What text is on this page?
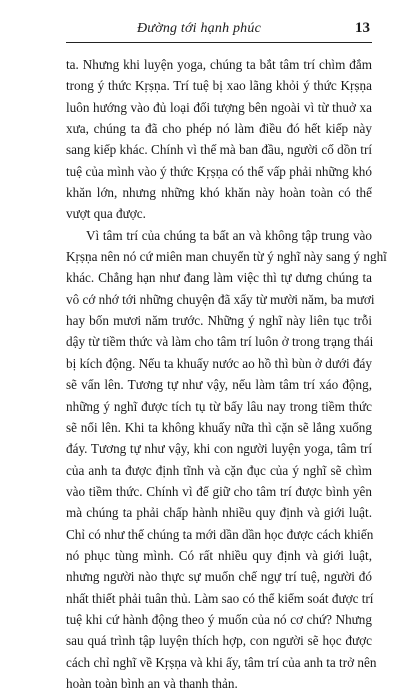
Đường tới hạnh phúc	13

ta. Nhưng khi luyện yoga, chúng ta bắt tâm trí chìm đắm
trong ý thức Kṛṣṇa. Trí tuệ bị xao lãng khỏi ý thức Kṛṣṇa
luôn hướng vào đủ loại đối tượng bên ngoài vì từ thuở xa
xưa, chúng ta đã cho phép nó làm điều đó hết kiếp này
sang kiếp khác. Chính vì thế mà ban đầu, người cố dồn trí
tuệ của mình vào ý thức Kṛṣṇa có thể vấp phải những khó
khăn lớn, nhưng những khó khăn này hoàn toàn có thể
vượt qua được.

Vì tâm trí của chúng ta bất an và không tập trung vào
Kṛṣṇa nên nó cứ miên man chuyển từ ý nghĩ này sang ý nghĩ
khác. Chẳng hạn như đang làm việc thì tự dưng chúng ta
vô cớ nhớ tới những chuyện đã xẩy từ mười năm, ba mươi
hay bốn mươi năm trước. Những ý nghĩ này liên tục trỗi
dậy từ tiềm thức và làm cho tâm trí luôn ở trong trạng thái
bị kích động. Nếu ta khuấy nước ao hồ thì bùn ở dưới đáy
sẽ vẩn lên. Tương tự như vậy, nếu làm tâm trí xáo động,
những ý nghĩ được tích tụ từ bấy lâu nay trong tiềm thức
sẽ nổi lên. Khi ta không khuấy nữa thì cặn sẽ lắng xuống
đáy. Tương tự như vậy, khi con người luyện yoga, tâm trí
của anh ta được định tĩnh và cặn đục của ý nghĩ sẽ chìm
vào tiềm thức. Chính vì để giữ cho tâm trí được bình yên
mà chúng ta phải chấp hành nhiều quy định và giới luật.
Chỉ có như thế chúng ta mới dần dần học được cách khiến
nó phục tùng mình. Có rất nhiều quy định và giới luật,
nhưng người nào thực sự muốn chế ngự trí tuệ, người đó
nhất thiết phải tuân thủ. Làm sao có thể kiểm soát được trí
tuệ khi cứ hành động theo ý muốn của nó cơ chứ? Nhưng
sau quá trình tập luyện thích hợp, con người sẽ học được
cách chỉ nghĩ về Kṛṣṇa và khi ấy, tâm trí của anh ta trở nên
hoàn toàn bình an và thanh thản.
